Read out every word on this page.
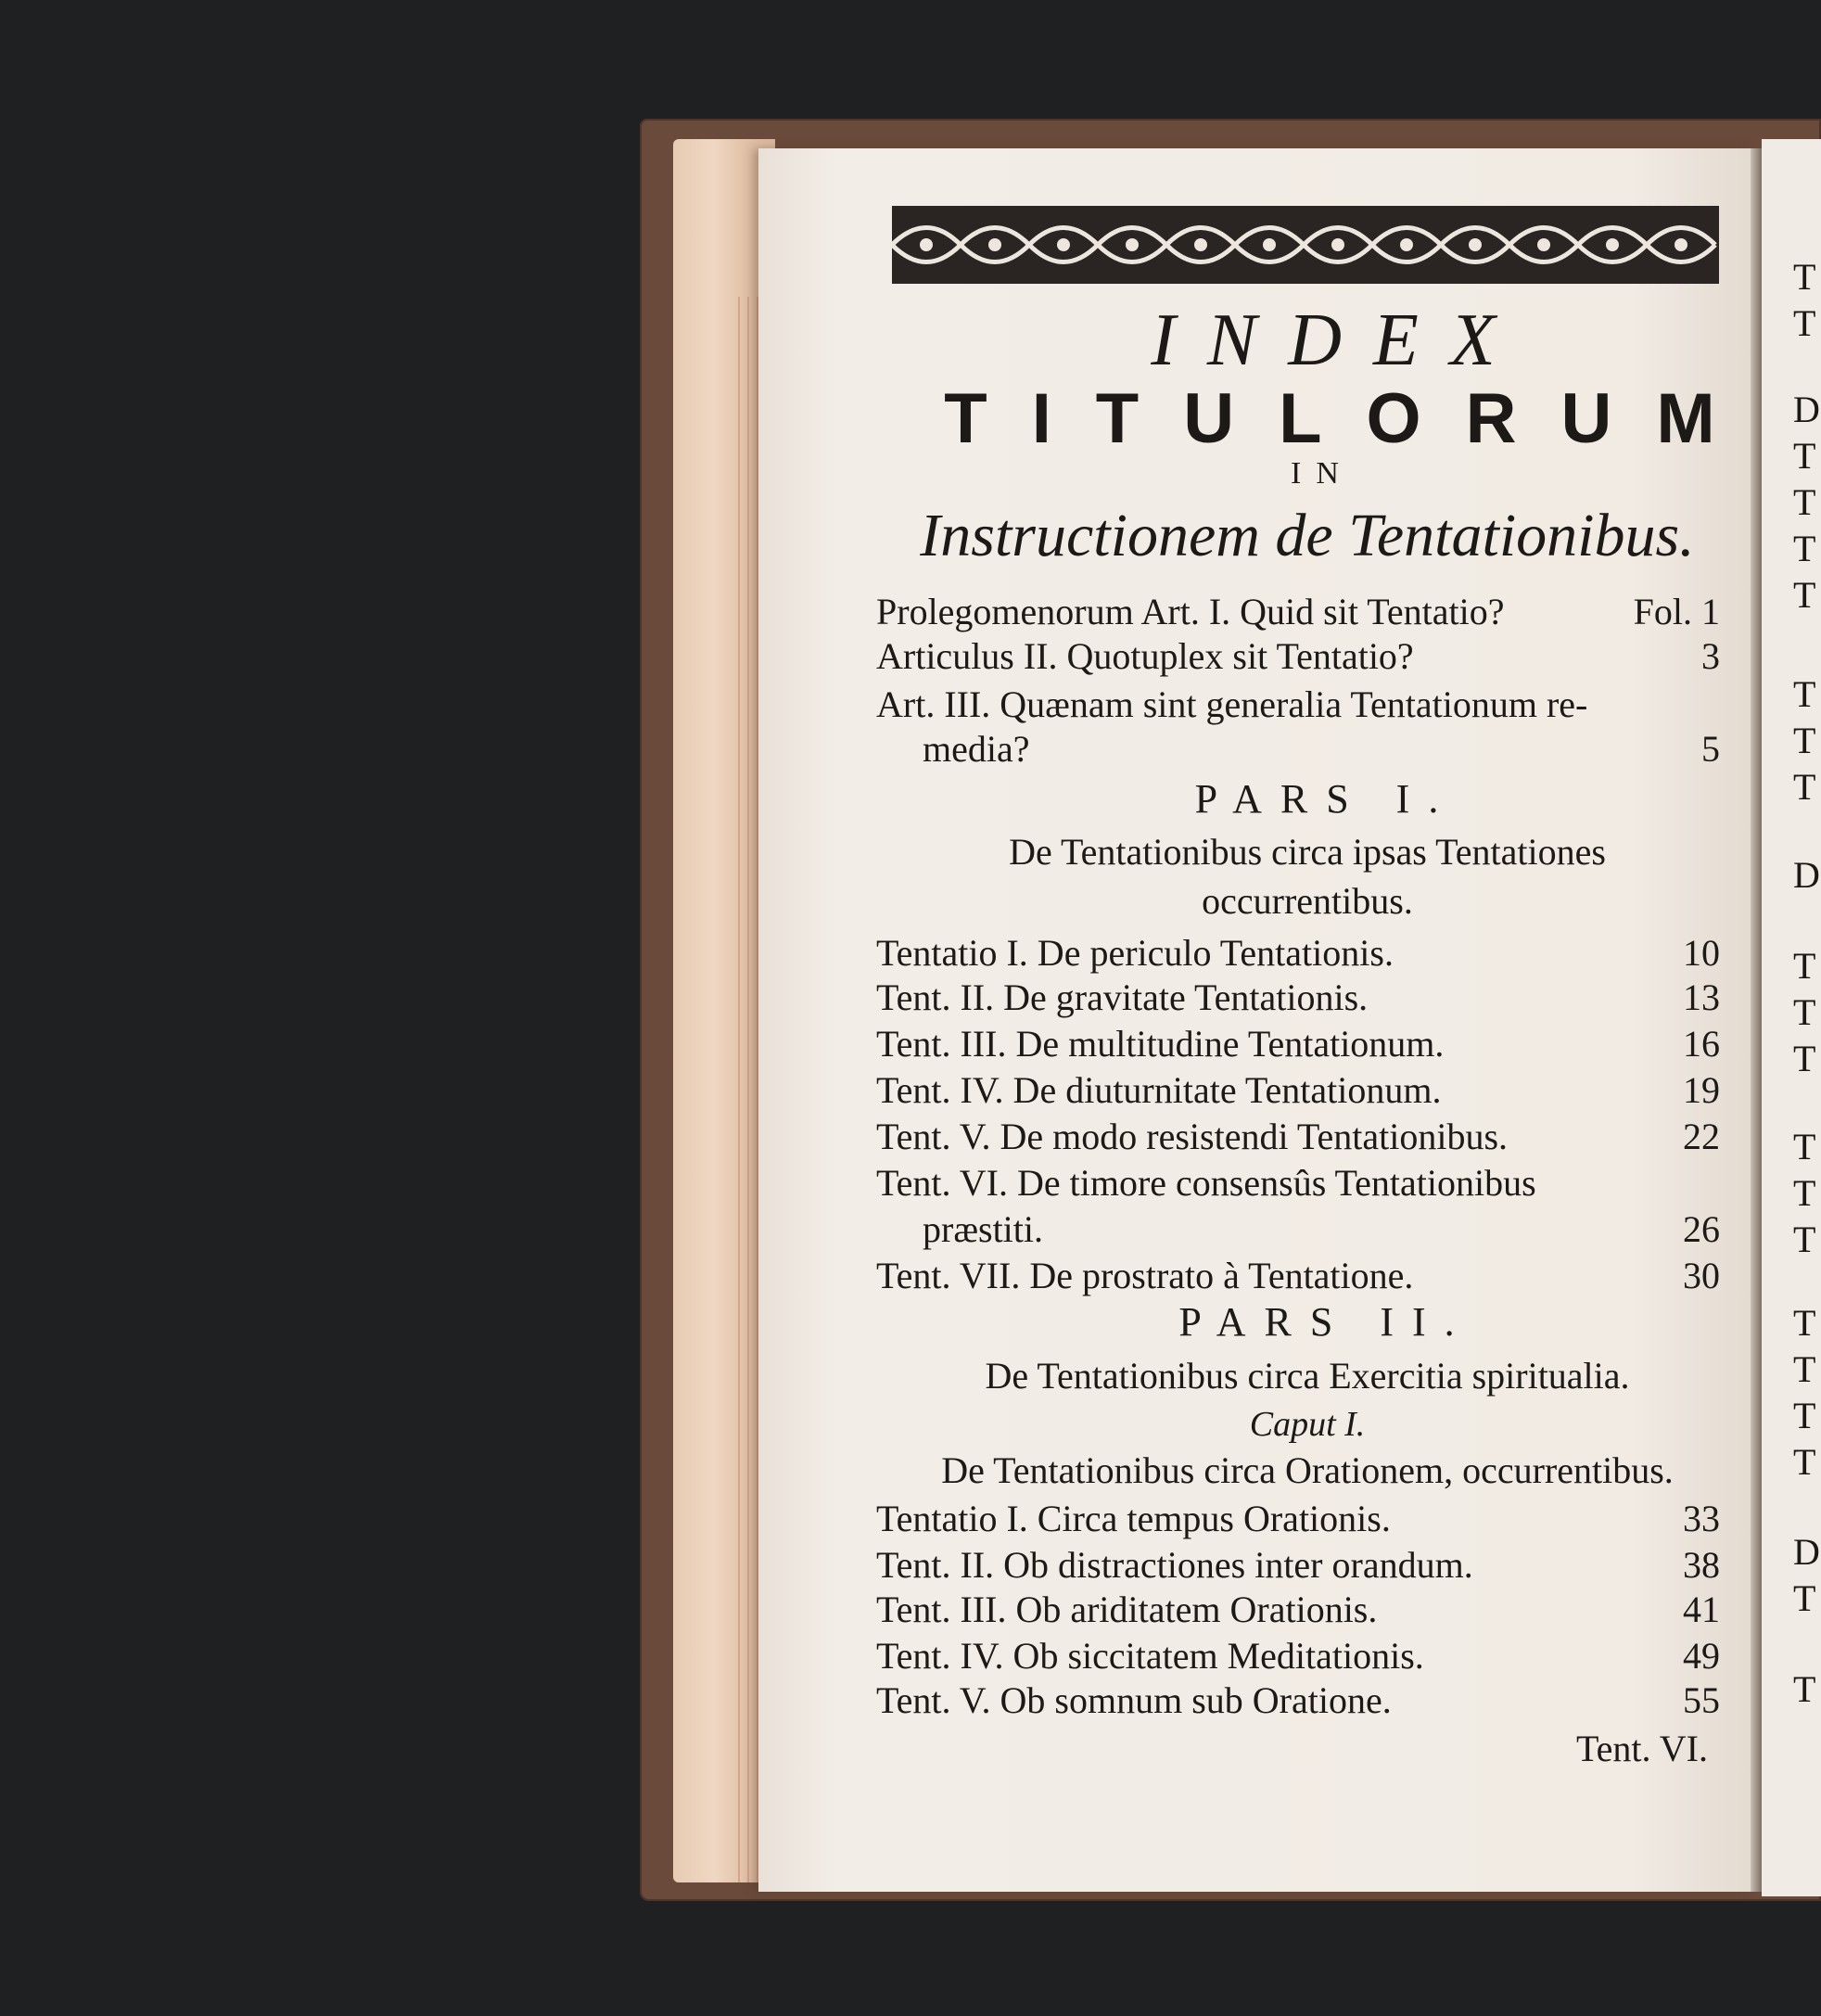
T
T
D
T
T
T
T
T
T
T
D
T
T
T
T
T
T
T
T
T
T
D
T
T
INDEX
TITULORUM
IN
Instructionem de Tentationibus.
Prolegomenorum Art. I. Quid sit Tentatio?	Fol. 1
Articulus II. Quotuplex sit Tentatio?	3
Art. III. Quænam sint generalia Tentationum re-
media?	5
PARS I.
De Tentationibus circa ipsas Tentationes
occurrentibus.
Tentatio I. De periculo Tentationis.	10
Tent. II. De gravitate Tentationis.	13
Tent. III. De multitudine Tentationum.	16
Tent. IV. De diuturnitate Tentationum.	19
Tent. V. De modo resistendi Tentationibus.	22
Tent. VI. De timore consensûs Tentationibus
præstiti.	26
Tent. VII. De prostrato à Tentatione.	30
PARS II.
De Tentationibus circa Exercitia spiritualia.
Caput I.
De Tentationibus circa Orationem, occurrentibus.
Tentatio I. Circa tempus Orationis.	33
Tent. II. Ob distractiones inter orandum.	38
Tent. III. Ob ariditatem Orationis.	41
Tent. IV. Ob siccitatem Meditationis.	49
Tent. V. Ob somnum sub Oratione.	55
Tent. VI.
